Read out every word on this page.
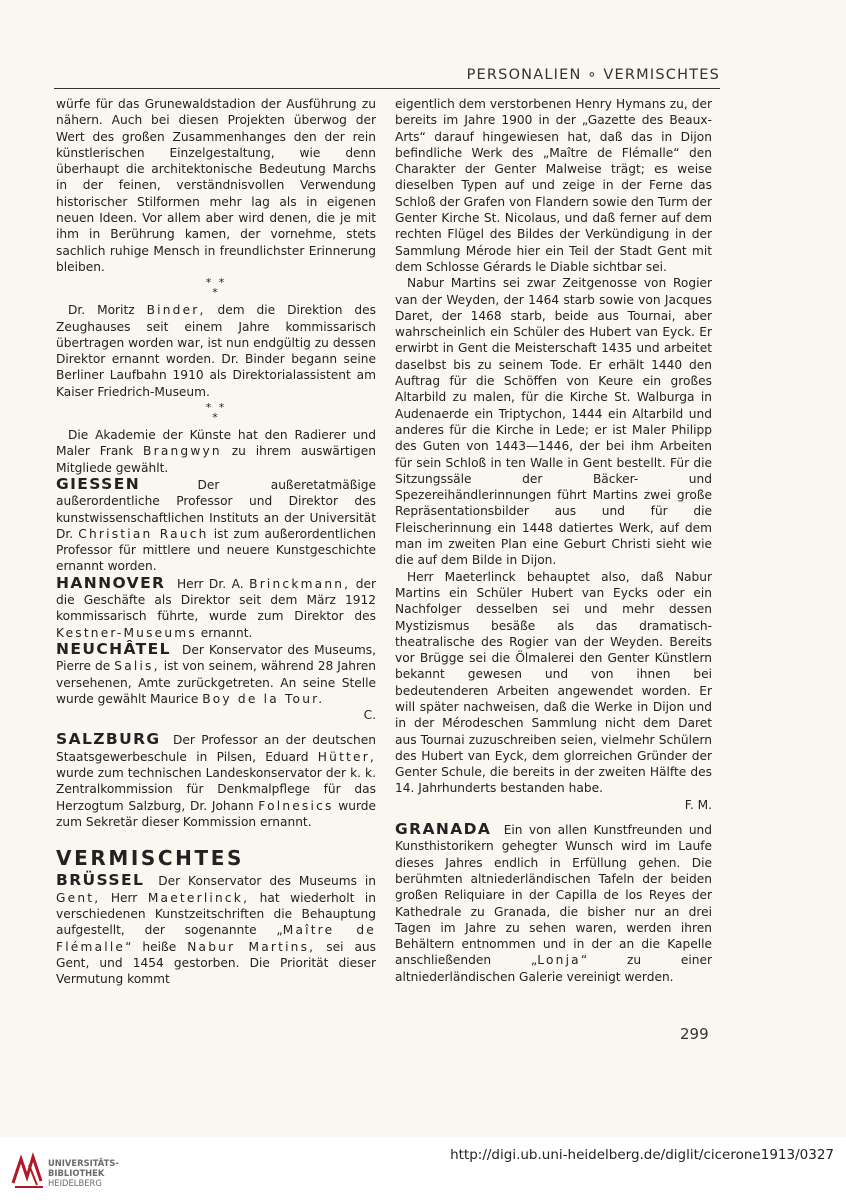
PERSONALIEN ∘ VERMISCHTES

würfe für das Grunewaldstadion der Ausführung zu nähern. Auch bei diesen Projekten überwog der Wert des großen Zusammenhanges den der rein künstlerischen Einzelgestaltung, wie denn überhaupt die architektonische Bedeutung Marchs in der feinen, verständnisvollen Verwendung historischer Stilformen mehr lag als in eigenen neuen Ideen. Vor allem aber wird denen, die je mit ihm in Berührung kamen, der vornehme, stets sachlich ruhige Mensch in freundlichster Erinnerung bleiben.

* *
*

Dr. Moritz Binder, dem die Direktion des Zeughauses seit einem Jahre kommissarisch übertragen worden war, ist nun endgültig zu dessen Direktor ernannt worden. Dr. Binder begann seine Berliner Laufbahn 1910 als Direktorialassistent am Kaiser Friedrich-Museum.

* *
*

Die Akademie der Künste hat den Radierer und Maler Frank Brangwyn zu ihrem auswärtigen Mitgliede gewählt.

GIESSEN	Der außeretatmäßige außerordentliche Professor und Direktor des kunstwissenschaftlichen Instituts an der Universität Dr. Christian Rauch ist zum außerordentlichen Professor für mittlere und neuere Kunstgeschichte ernannt worden.

HANNOVER Herr Dr. A. Brinckmann, der die Geschäfte als Direktor seit dem März 1912 kommissarisch führte, wurde zum Direktor des Kestner-Museums ernannt.

NEUCHÂTEL Der Konservator des Museums, Pierre de Salis, ist von seinem, während 28 Jahren versehenen, Amte zurückgetreten. An seine Stelle wurde gewählt Maurice Boy de la Tour.

C.

SALZBURG Der Professor an der deutschen Staatsgewerbeschule in Pilsen, Eduard Hütter, wurde zum technischen Landeskonservator der k. k. Zentralkommission für Denkmalpflege für das Herzogtum Salzburg, Dr. Johann Folnesics wurde zum Sekretär dieser Kommission ernannt.

VERMISCHTES

BRÜSSEL Der Konservator des Museums in Gent, Herr Maeterlinck, hat wiederholt in verschiedenen Kunstzeitschriften die Behauptung aufgestellt, der sogenannte „Maître de Flémalle“ heiße Nabur Martins, sei aus Gent, und 1454 gestorben. Die Priorität dieser Vermutung kommt

eigentlich dem verstorbenen Henry Hymans zu, der bereits im Jahre 1900 in der „Gazette des Beaux-Arts“ darauf hingewiesen hat, daß das in Dijon befindliche Werk des „Maître de Flémalle“ den Charakter der Genter Malweise trägt; es weise dieselben Typen auf und zeige in der Ferne das Schloß der Grafen von Flandern sowie den Turm der Genter Kirche St. Nicolaus, und daß ferner auf dem rechten Flügel des Bildes der Verkündigung in der Sammlung Mérode hier ein Teil der Stadt Gent mit dem Schlosse Gérards le Diable sichtbar sei.

Nabur Martins sei zwar Zeitgenosse von Rogier van der Weyden, der 1464 starb sowie von Jacques Daret, der 1468 starb, beide aus Tournai, aber wahrscheinlich ein Schüler des Hubert van Eyck. Er erwirbt in Gent die Meisterschaft 1435 und arbeitet daselbst bis zu seinem Tode. Er erhält 1440 den Auftrag für die Schöffen von Keure ein großes Altarbild zu malen, für die Kirche St. Walburga in Audenaerde ein Triptychon, 1444 ein Altarbild und anderes für die Kirche in Lede; er ist Maler Philipp des Guten von 1443—1446, der bei ihm Arbeiten für sein Schloß in ten Walle in Gent bestellt. Für die Sitzungssäle der Bäcker- und Spezereihändlerinnungen führt Martins zwei große Repräsentationsbilder aus und für die Fleischerinnung ein 1448 datiertes Werk, auf dem man im zweiten Plan eine Geburt Christi sieht wie die auf dem Bilde in Dijon.

Herr Maeterlinck behauptet also, daß Nabur Martins ein Schüler Hubert van Eycks oder ein Nachfolger desselben sei und mehr dessen Mystizismus besäße als das dramatisch-theatralische des Rogier van der Weyden. Bereits vor Brügge sei die Ölmalerei den Genter Künstlern bekannt gewesen und von ihnen bei bedeutenderen Arbeiten angewendet worden. Er will später nachweisen, daß die Werke in Dijon und in der Mérodeschen Sammlung nicht dem Daret aus Tournai zuzuschreiben seien, vielmehr Schülern des Hubert van Eyck, dem glorreichen Gründer der Genter Schule, die bereits in der zweiten Hälfte des 14. Jahrhunderts bestanden habe.

F. M.

GRANADA Ein von allen Kunstfreunden und Kunsthistorikern gehegter Wunsch wird im Laufe dieses Jahres endlich in Erfüllung gehen. Die berühmten altniederländischen Tafeln der beiden großen Reliquiare in der Capilla de los Reyes der Kathedrale zu Granada, die bisher nur an drei Tagen im Jahre zu sehen waren, werden ihren Behältern entnommen und in der an die Kapelle anschließenden „Lonja“ zu einer altniederländischen Galerie vereinigt werden.

299
UNIVERSITÄTS-
BIBLIOTHEK
HEIDELBERG
http://digi.ub.uni-heidelberg.de/diglit/cicerone1913/0327
